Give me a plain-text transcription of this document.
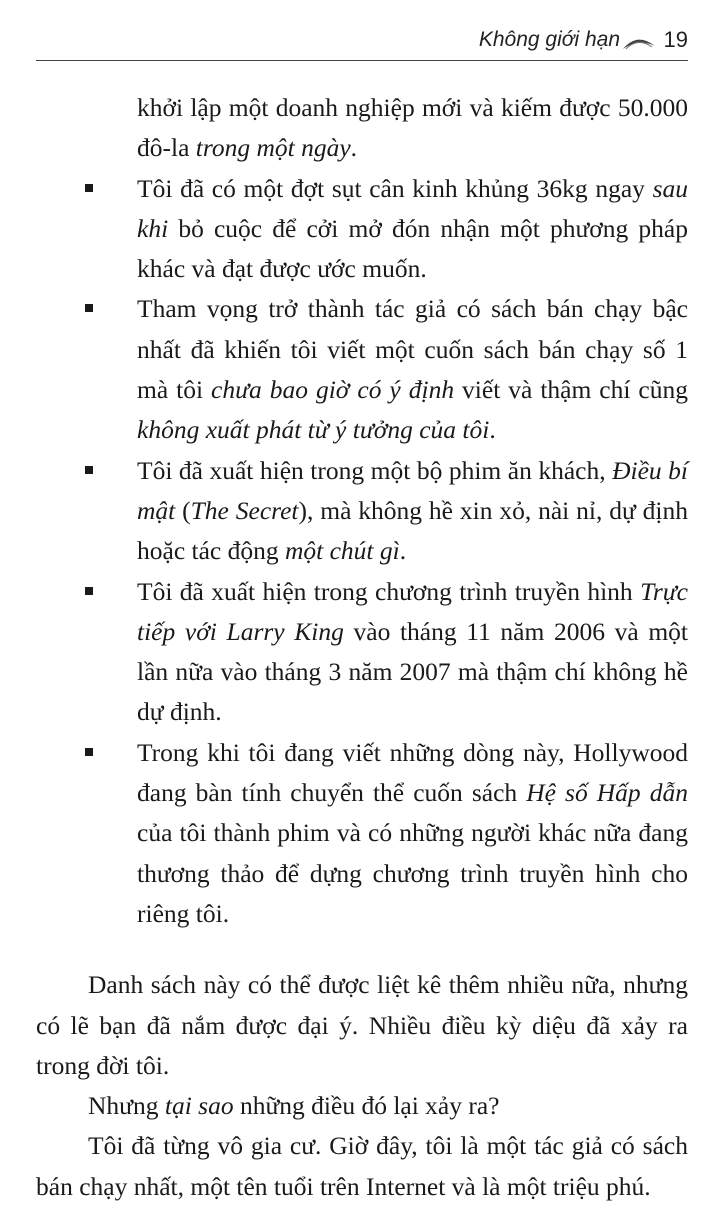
Không giới hạn 19
khởi lập một doanh nghiệp mới và kiếm được 50.000 đô-la trong một ngày.
Tôi đã có một đợt sụt cân kinh khủng 36kg ngay sau khi bỏ cuộc để cởi mở đón nhận một phương pháp khác và đạt được ước muốn.
Tham vọng trở thành tác giả có sách bán chạy bậc nhất đã khiến tôi viết một cuốn sách bán chạy số 1 mà tôi chưa bao giờ có ý định viết và thậm chí cũng không xuất phát từ ý tưởng của tôi.
Tôi đã xuất hiện trong một bộ phim ăn khách, Điều bí mật (The Secret), mà không hề xin xỏ, nài nỉ, dự định hoặc tác động một chút gì.
Tôi đã xuất hiện trong chương trình truyền hình Trực tiếp với Larry King vào tháng 11 năm 2006 và một lần nữa vào tháng 3 năm 2007 mà thậm chí không hề dự định.
Trong khi tôi đang viết những dòng này, Hollywood đang bàn tính chuyển thể cuốn sách Hệ số Hấp dẫn của tôi thành phim và có những người khác nữa đang thương thảo để dựng chương trình truyền hình cho riêng tôi.

Danh sách này có thể được liệt kê thêm nhiều nữa, nhưng có lẽ bạn đã nắm được đại ý. Nhiều điều kỳ diệu đã xảy ra trong đời tôi.

Nhưng tại sao những điều đó lại xảy ra?

Tôi đã từng vô gia cư. Giờ đây, tôi là một tác giả có sách bán chạy nhất, một tên tuổi trên Internet và là một triệu phú.
